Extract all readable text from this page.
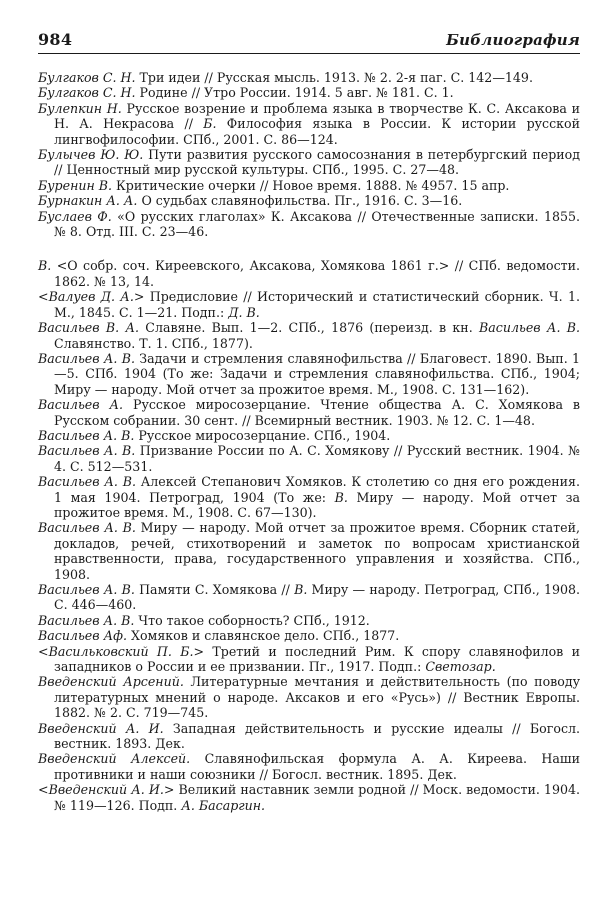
984	Библиография

Булгаков С. Н. Три идеи // Русская мысль. 1913. № 2. 2-я паг. С. 142—149.

Булгаков С. Н. Родине // Утро России. 1914. 5 авг. № 181. С. 1.

Булепкин Н. Русское возрение и проблема языка в творчестве К. С. Аксакова и Н. А. Некрасова // Б. Философия языка в России. К истории русской лингвофилософии. СПб., 2001. С. 86—124.

Булычев Ю. Ю. Пути развития русского самосознания в петербургский период // Ценностный мир русской культуры. СПб., 1995. С. 27—48.

Буренин В. Критические очерки // Новое время. 1888. № 4957. 15 апр.

Бурнакин А. А. О судьбах славянофильства. Пг., 1916. С. 3—16.

Буслаев Ф. «О русских глаголах» К. Аксакова // Отечественные записки. 1855. № 8. Отд. III. С. 23—46.

В. <О собр. соч. Киреевского, Аксакова, Хомякова 1861 г.> // СПб. ведомости. 1862. № 13, 14.

<Валуев Д. А.> Предисловие // Исторический и статистический сборник. Ч. 1. М., 1845. С. 1—21. Подп.: Д. В.

Васильев В. А. Славяне. Вып. 1—2. СПб., 1876 (переизд. в кн. Васильев А. В. Славянство. Т. 1. СПб., 1877).

Васильев А. В. Задачи и стремления славянофильства // Благовест. 1890. Вып. 1—5. СПб. 1904 (То же: Задачи и стремления славянофильства. СПб., 1904; Миру — народу. Мой отчет за прожитое время. М., 1908. С. 131—162).

Васильев А. Русское миросозерцание. Чтение общества А. С. Хомякова в Русском собрании. 30 сент. // Всемирный вестник. 1903. № 12. С. 1—48.

Васильев А. В. Русское миросозерцание. СПб., 1904.

Васильев А. В. Призвание России по А. С. Хомякову // Русский вестник. 1904. № 4. С. 512—531.

Васильев А. В. Алексей Степанович Хомяков. К столетию со дня его рождения. 1 мая 1904. Петроград, 1904 (То же: В. Миру — народу. Мой отчет за прожитое время. М., 1908. С. 67—130).

Васильев А. В. Миру — народу. Мой отчет за прожитое время. Сборник статей, докладов, речей, стихотворений и заметок по вопросам христианской нравственности, права, государственного управления и хозяйства. СПб., 1908.

Васильев А. В. Памяти С. Хомякова // В. Миру — народу. Петроград, СПб., 1908. С. 446—460.

Васильев А. В. Что такое соборность? СПб., 1912.

Васильев Аф. Хомяков и славянское дело. СПб., 1877.

<Васильковский П. Б.> Третий и последний Рим. К спору славянофилов и западников о России и ее призвании. Пг., 1917. Подп.: Светозар.

Введенский Арсений. Литературные мечтания и действительность (по поводу литературных мнений о народе. Аксаков и его «Русь») // Вестник Европы. 1882. № 2. С. 719—745.

Введенский А. И. Западная действительность и русские идеалы // Богосл. вестник. 1893. Дек.

Введенский Алексей. Славянофильская формула А. А. Киреева. Наши противники и наши союзники // Богосл. вестник. 1895. Дек.

<Введенский А. И.> Великий наставник земли родной // Моск. ведомости. 1904. № 119—126. Подп. А. Басаргин.
